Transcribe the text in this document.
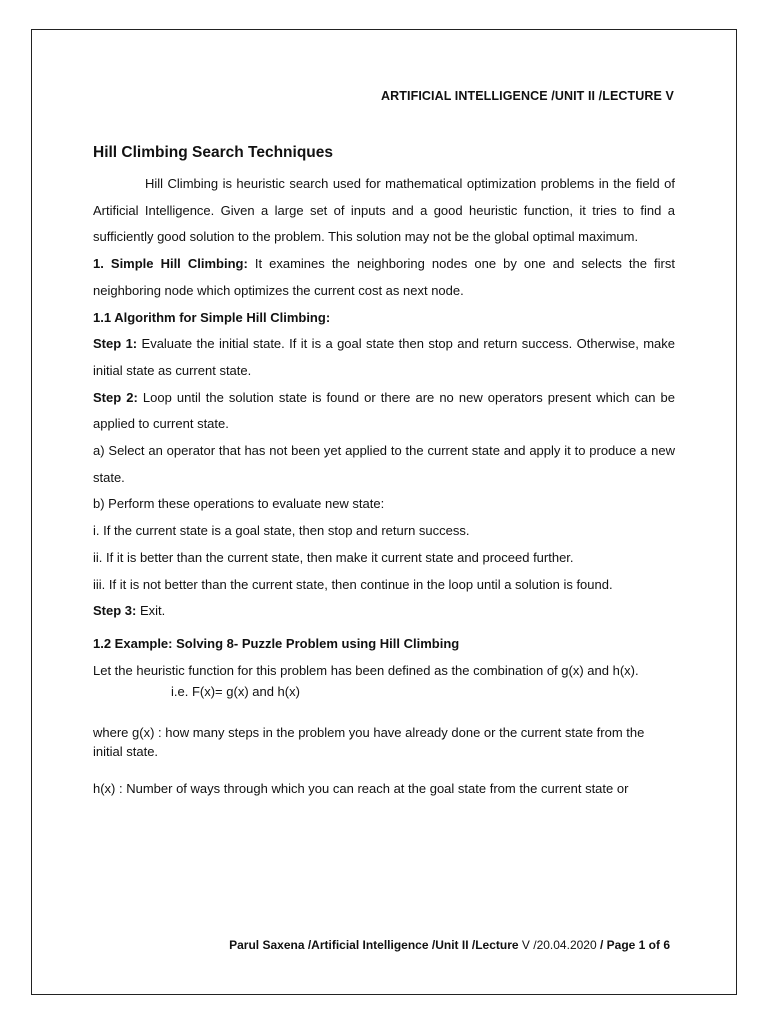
ARTIFICIAL INTELLIGENCE /UNIT II /LECTURE V

Hill Climbing Search Techniques

Hill Climbing is heuristic search used for mathematical optimization problems in the field of Artificial Intelligence. Given a large set of inputs and a good heuristic function, it tries to find a sufficiently good solution to the problem. This solution may not be the global optimal maximum.

1. Simple Hill Climbing: It examines the neighboring nodes one by one and selects the first neighboring node which optimizes the current cost as next node.

1.1 Algorithm for Simple Hill Climbing:

Step 1: Evaluate the initial state. If it is a goal state then stop and return success. Otherwise, make initial state as current state.

Step 2: Loop until the solution state is found or there are no new operators present which can be applied to current state.

a) Select an operator that has not been yet applied to the current state and apply it to produce a new state.

b) Perform these operations to evaluate new state:

i. If the current state is a goal state, then stop and return success.

ii. If it is better than the current state, then make it current state and proceed further.

iii. If it is not better than the current state, then continue in the loop until a solution is found.

Step 3: Exit.

1.2 Example: Solving 8- Puzzle Problem using Hill Climbing

Let the heuristic function for this problem has been defined as the combination of g(x) and h(x).

i.e. F(x)= g(x) and h(x)

where g(x) : how many steps in the problem you have already done or the current state from the initial state.

h(x) : Number of ways through which you can reach at the goal state from the current state or

Parul Saxena /Artificial Intelligence /Unit II /Lecture V /20.04.2020 / Page 1 of 6
